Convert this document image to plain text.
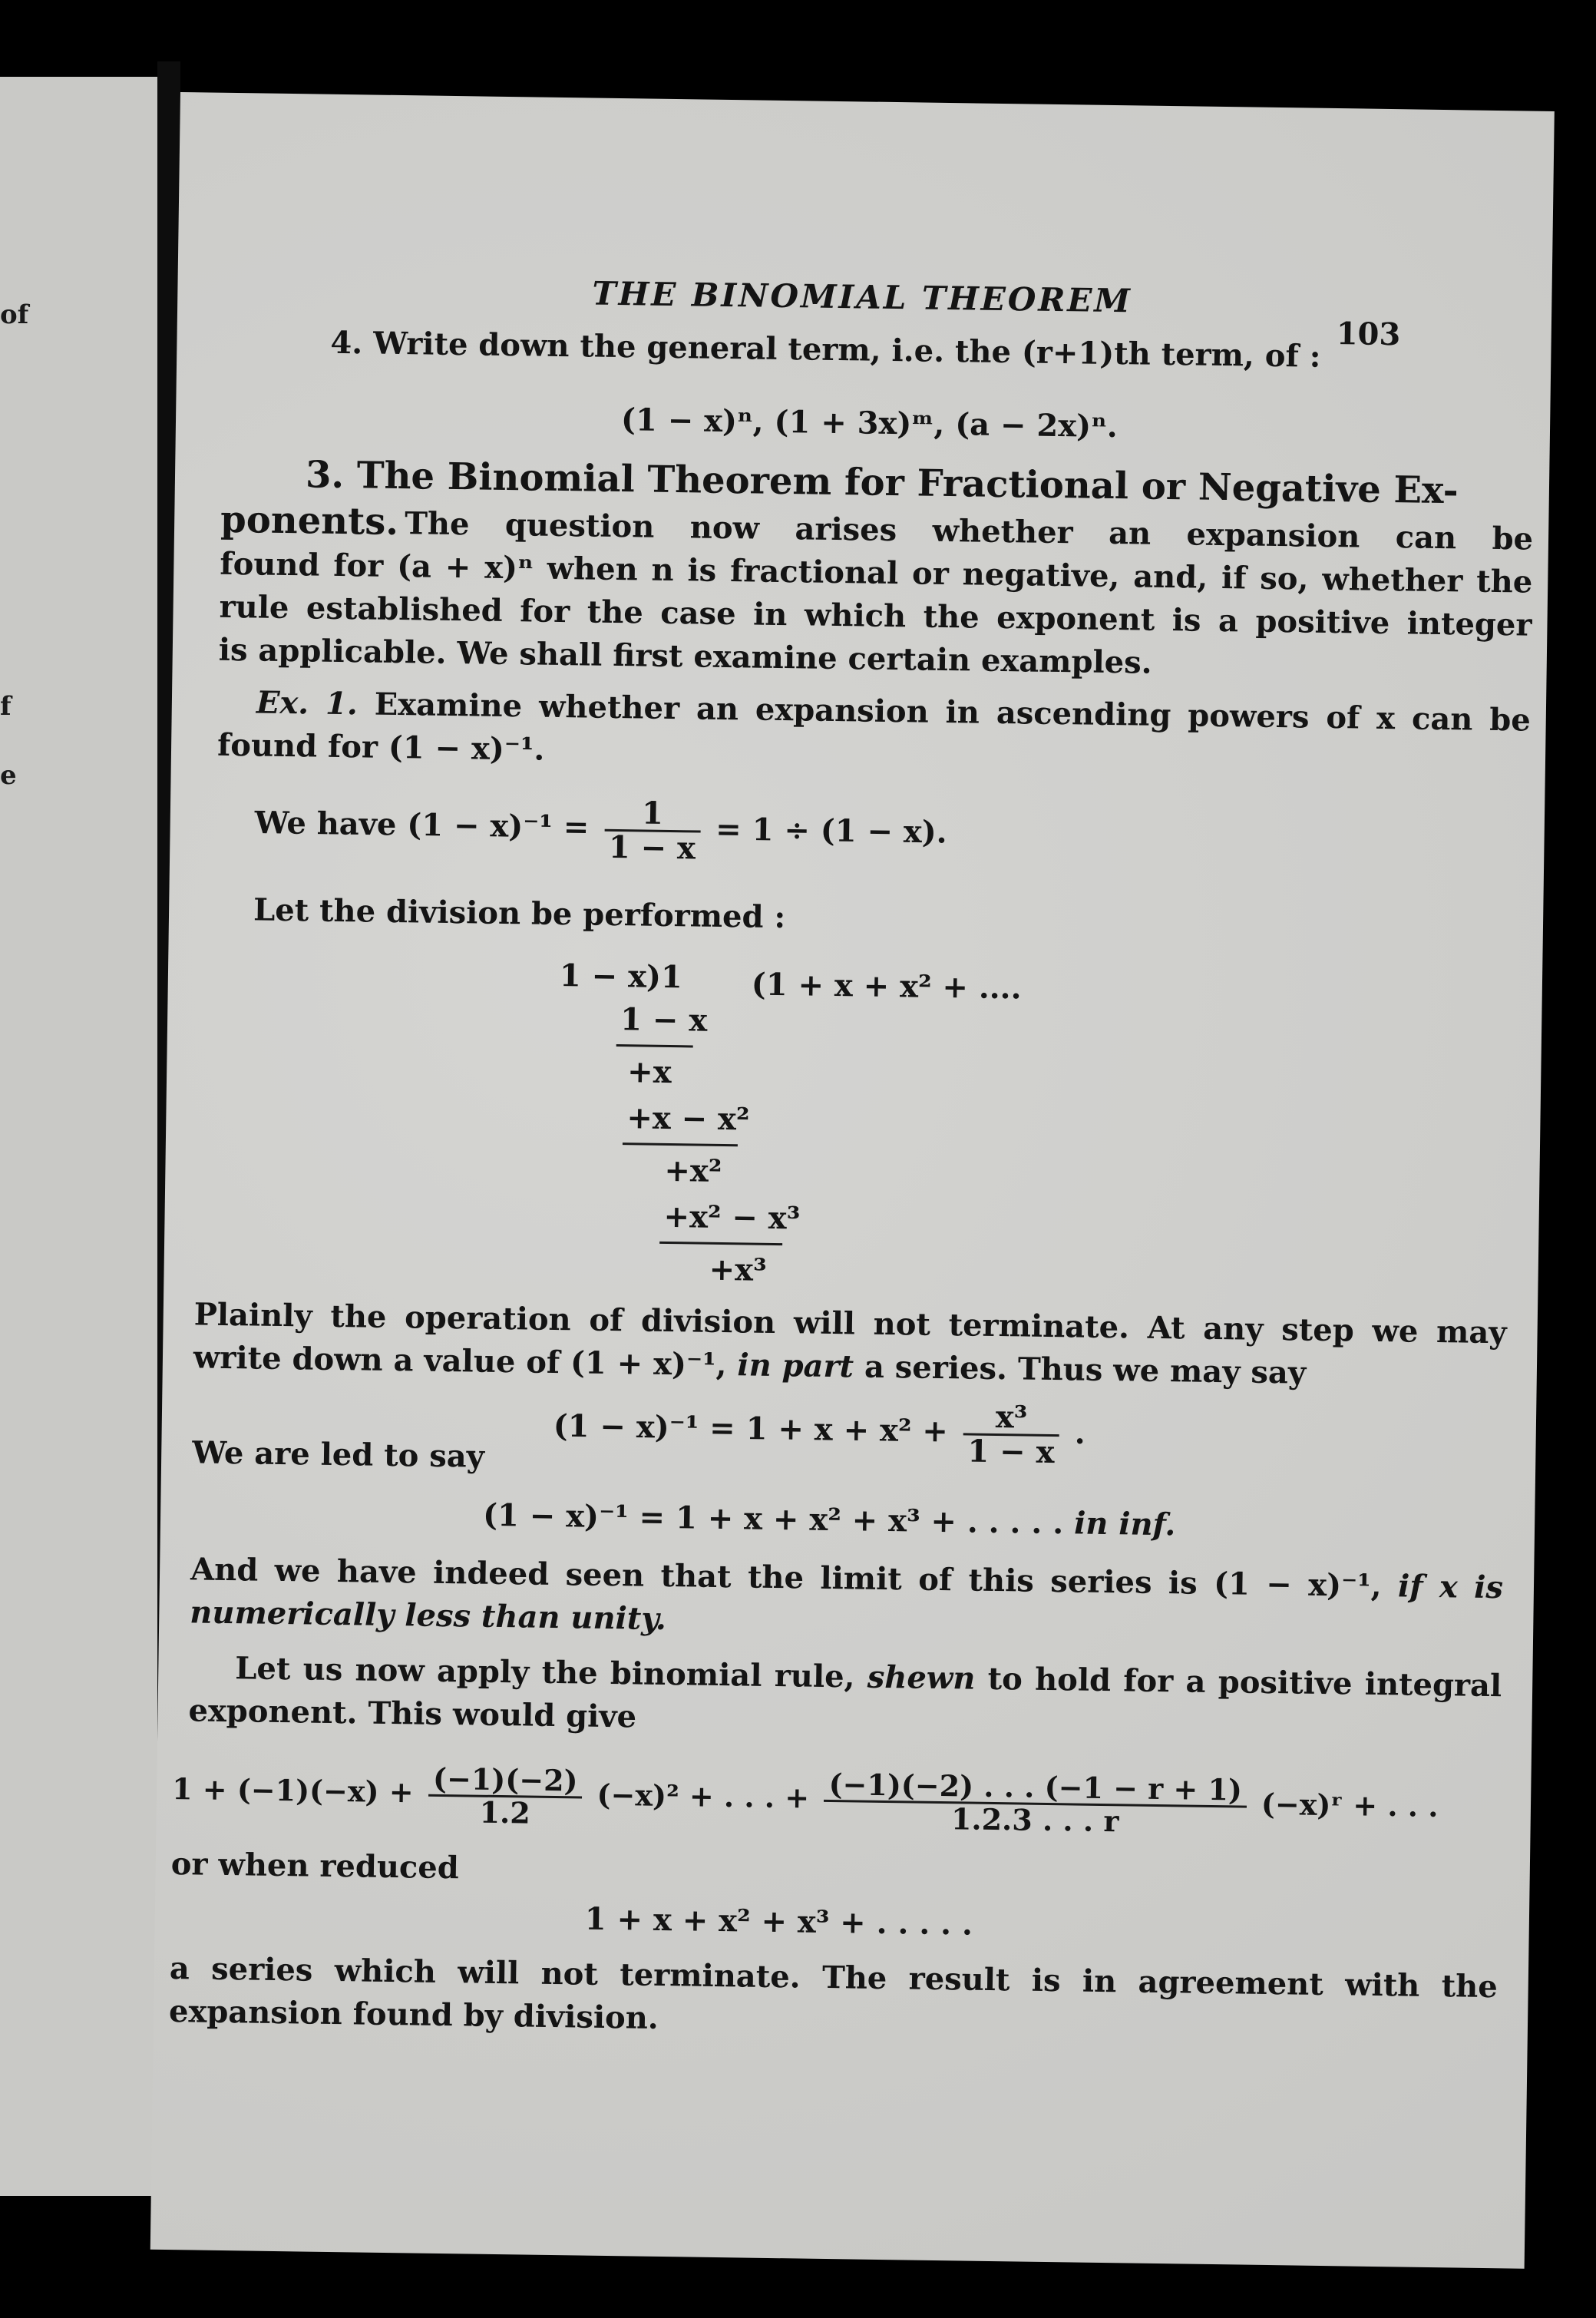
of
f
e
THE BINOMIAL THEOREM
103
4. Write down the general term, i.e. the (r+1)th term, of :
(1 − x)ⁿ, (1 + 3x)ᵐ, (a − 2x)ⁿ.
3. The Binomial Theorem for Fractional or Negative Ex-
ponents. The question now arises whether an expansion can be
found for (a + x)ⁿ when n is fractional or negative, and, if so, whether the
rule established for the case in which the exponent is a positive integer
is applicable. We shall first examine certain examples.
Ex. 1. Examine whether an expansion in ascending powers of x can be
found for (1 − x)⁻¹.
We have $(1 - x)^{-1} = \frac{1}{1 - x} = 1 \div (1 - x)$.
Let the division be performed :
1 − x)1 (1 + x + x² + ....
1 − x
+x
+x − x²
+x²
+x² − x³
+x³
Plainly the operation of division will not terminate. At any step we may
write down a value of (1 + x)⁻¹, in part a series. Thus we may say
$(1 - x)^{-1} = 1 + x + x^2 + \frac{\text{x³}}{1 - x}$ .
We are led to say
(1 − x)⁻¹ = 1 + x + x² + x³ + . . . . . in inf.
And we have indeed seen that the limit of this series is (1 − x)⁻¹, if x is
numerically less than unity.
Let us now apply the binomial rule, shewn to hold for a positive integral
exponent. This would give
$1 + (-1)(-x) + \frac{(-1)(-2)}{1.2} (-x)^2$ + . . . + $\frac{(-1)(-2) . . . (-1 - r + 1)}{1.2.3 . . . r}$ (−x)ʳ + . . .
or when reduced
1 + x + x² + x³ + . . . . .
a series which will not terminate. The result is in agreement with the
expansion found by division.
